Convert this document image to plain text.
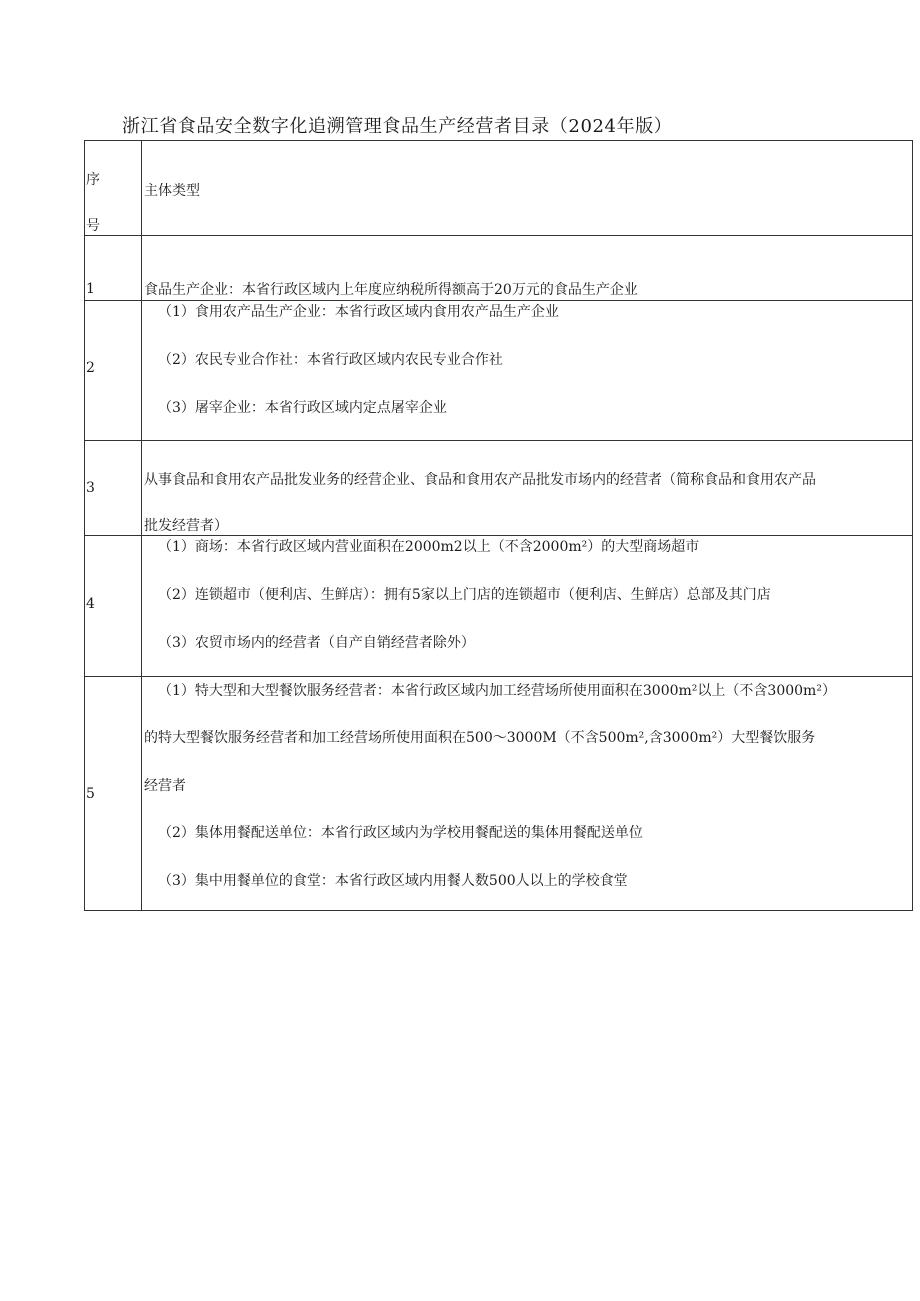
浙江省食品安全数字化追溯管理食品生产经营者目录（2024年版）
序
号	主体类型

1	食品生产企业：本省行政区域内上年度应纳税所得额高于20万元的食品生产企业

2	（1）食用农产品生产企业：本省行政区域内食用农产品生产企业
（2）农民专业合作社：本省行政区域内农民专业合作社
（3）屠宰企业：本省行政区域内定点屠宰企业

3	从事食品和食用农产品批发业务的经营企业、食品和食用农产品批发市场内的经营者（简称食品和食用农产品
批发经营者）

4	（1）商场：本省行政区域内营业面积在2000m2以上（不含2000m²）的大型商场超市
（2）连锁超市（便利店、生鲜店）：拥有5家以上门店的连锁超市（便利店、生鲜店）总部及其门店
（3）农贸市场内的经营者（自产自销经营者除外）

5	（1）特大型和大型餐饮服务经营者：本省行政区域内加工经营场所使用面积在3000m²以上（不含3000m²）
的特大型餐饮服务经营者和加工经营场所使用面积在500～3000M（不含500m²,含3000m²）大型餐饮服务
经营者
（2）集体用餐配送单位：本省行政区域内为学校用餐配送的集体用餐配送单位
（3）集中用餐单位的食堂：本省行政区域内用餐人数500人以上的学校食堂
